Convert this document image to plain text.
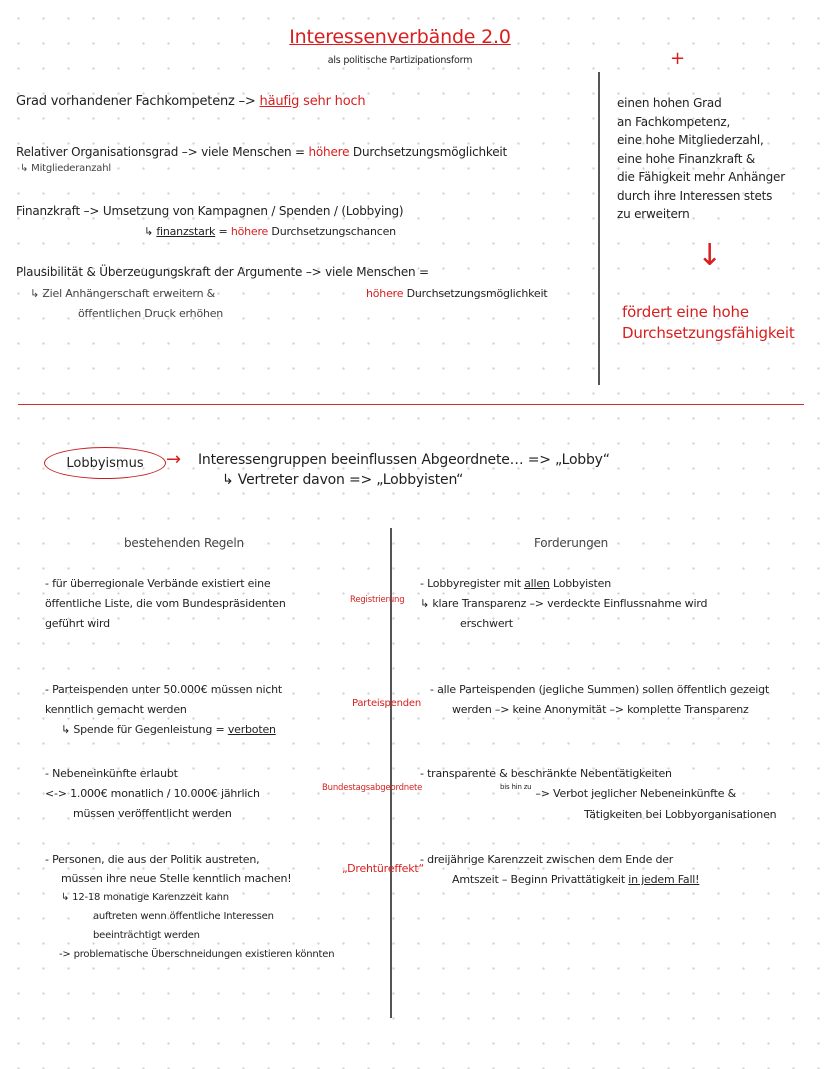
Interessenverbände 2.0
als politische Partizipationsform
Grad vorhandener Fachkompetenz –> häufig sehr hoch
Relativer Organisationsgrad –> viele Menschen = höhere Durchsetzungsmöglichkeit
↳ Mitgliederanzahl
Finanzkraft –> Umsetzung von Kampagnen / Spenden / (Lobbying)
↳ finanzstark = höhere Durchsetzungschancen
Plausibilität & Überzeugungskraft der Argumente –> viele Menschen =
↳ Ziel Anhängerschaft erweitern &
öffentlichen Druck erhöhen
höhere Durchsetzungsmöglichkeit
+
einen hohen Grad
an Fachkompetenz,
eine hohe Mitgliederzahl,
eine hohe Finanzkraft &
die Fähigkeit mehr Anhänger
durch ihre Interessen stets
zu erweitern
↓
fördert eine hohe
Durchsetzungsfähigkeit
Lobbyismus → Interessengruppen beeinflussen Abgeordnete… => „Lobby“
↳ Vertreter davon => „Lobbyisten“
bestehenden Regeln	Forderungen
- für überregionale Verbände existiert eine
öffentliche Liste, die vom Bundespräsidenten
geführt wird
Registrierung
- Lobbyregister mit allen Lobbyisten
↳ klare Transparenz –> verdeckte Einflussnahme wird
erschwert
- Parteispenden unter 50.000€ müssen nicht
kenntlich gemacht werden
↳ Spende für Gegenleistung = verboten
Parteispenden
- alle Parteispenden (jegliche Summen) sollen öffentlich gezeigt
werden –> keine Anonymität –> komplette Transparenz
- Nebeneinkünfte erlaubt
<-> 1.000€ monatlich / 10.000€ jährlich
müssen veröffentlicht werden
Bundestagsabgeordnete
- transparente & beschränkte Nebentätigkeiten
$^{bis hin zu}$ –> Verbot jeglicher Nebeneinkünfte &
Tätigkeiten bei Lobbyorganisationen
- Personen, die aus der Politik austreten,
müssen ihre neue Stelle kenntlich machen!
↳ 12-18 monatige Karenzzeit kann
auftreten wenn öffentliche Interessen
beeinträchtigt werden
-> problematische Überschneidungen existieren könnten
„Drehtüreffekt“
- dreijährige Karenzzeit zwischen dem Ende der
Amtszeit – Beginn Privattätigkeit in jedem Fall!
